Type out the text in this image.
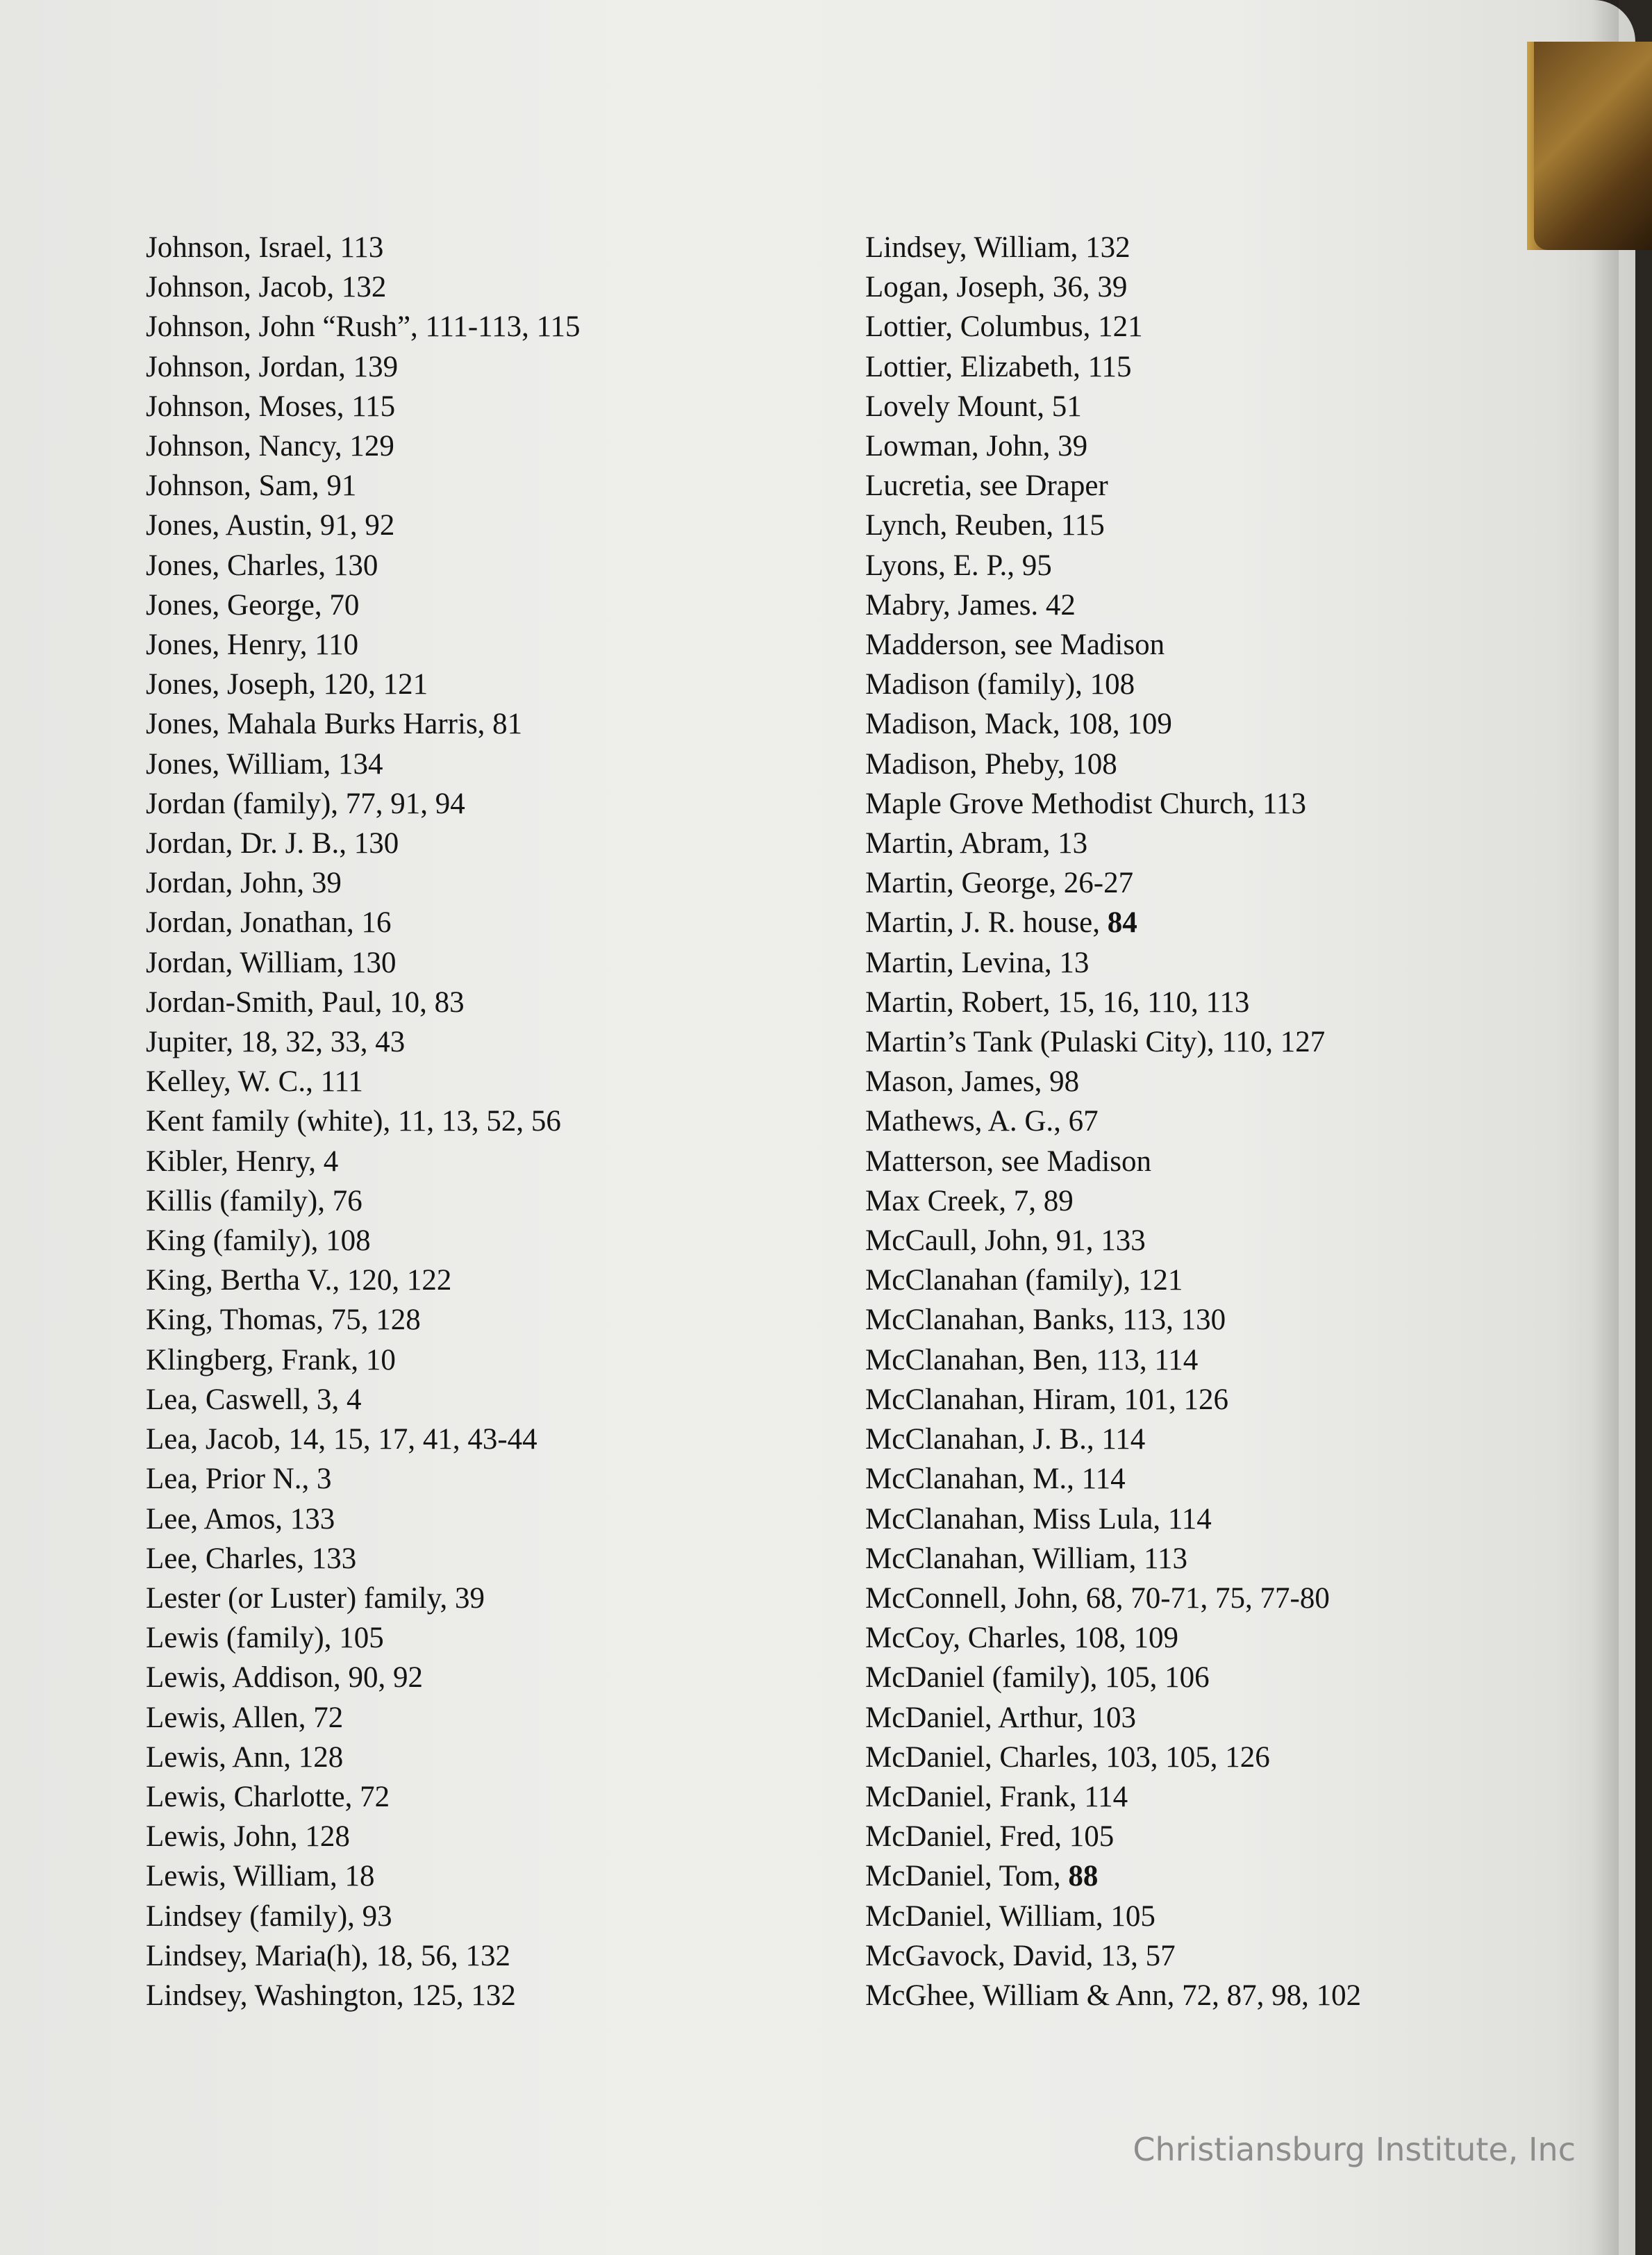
Johnson, Israel, 113
Johnson, Jacob, 132
Johnson, John “Rush”, 111-113, 115
Johnson, Jordan, 139
Johnson, Moses, 115
Johnson, Nancy, 129
Johnson, Sam, 91
Jones, Austin, 91, 92
Jones, Charles, 130
Jones, George, 70
Jones, Henry, 110
Jones, Joseph, 120, 121
Jones, Mahala Burks Harris, 81
Jones, William, 134
Jordan (family), 77, 91, 94
Jordan, Dr. J. B., 130
Jordan, John, 39
Jordan, Jonathan, 16
Jordan, William, 130
Jordan-Smith, Paul, 10, 83
Jupiter, 18, 32, 33, 43
Kelley, W. C., 111
Kent family (white), 11, 13, 52, 56
Kibler, Henry, 4
Killis (family), 76
King (family), 108
King, Bertha V., 120, 122
King, Thomas, 75, 128
Klingberg, Frank, 10
Lea, Caswell, 3, 4
Lea, Jacob, 14, 15, 17, 41, 43-44
Lea, Prior N., 3
Lee, Amos, 133
Lee, Charles, 133
Lester (or Luster) family, 39
Lewis (family), 105
Lewis, Addison, 90, 92
Lewis, Allen, 72
Lewis, Ann, 128
Lewis, Charlotte, 72
Lewis, John, 128
Lewis, William, 18
Lindsey (family), 93
Lindsey, Maria(h), 18, 56, 132
Lindsey, Washington, 125, 132
Lindsey, William, 132
Logan, Joseph, 36, 39
Lottier, Columbus, 121
Lottier, Elizabeth, 115
Lovely Mount, 51
Lowman, John, 39
Lucretia, see Draper
Lynch, Reuben, 115
Lyons, E. P., 95
Mabry, James. 42
Madderson, see Madison
Madison (family), 108
Madison, Mack, 108, 109
Madison, Pheby, 108
Maple Grove Methodist Church, 113
Martin, Abram, 13
Martin, George, 26-27
Martin, J. R. house, 84
Martin, Levina, 13
Martin, Robert, 15, 16, 110, 113
Martin’s Tank (Pulaski City), 110, 127
Mason, James, 98
Mathews, A. G., 67
Matterson, see Madison
Max Creek, 7, 89
McCaull, John, 91, 133
McClanahan (family), 121
McClanahan, Banks, 113, 130
McClanahan, Ben, 113, 114
McClanahan, Hiram, 101, 126
McClanahan, J. B., 114
McClanahan, M., 114
McClanahan, Miss Lula, 114
McClanahan, William, 113
McConnell, John, 68, 70-71, 75, 77-80
McCoy, Charles, 108, 109
McDaniel (family), 105, 106
McDaniel, Arthur, 103
McDaniel, Charles, 103, 105, 126
McDaniel, Frank, 114
McDaniel, Fred, 105
McDaniel, Tom, 88
McDaniel, William, 105
McGavock, David, 13, 57
McGhee, William & Ann, 72, 87, 98, 102
Christiansburg Institute, Inc
